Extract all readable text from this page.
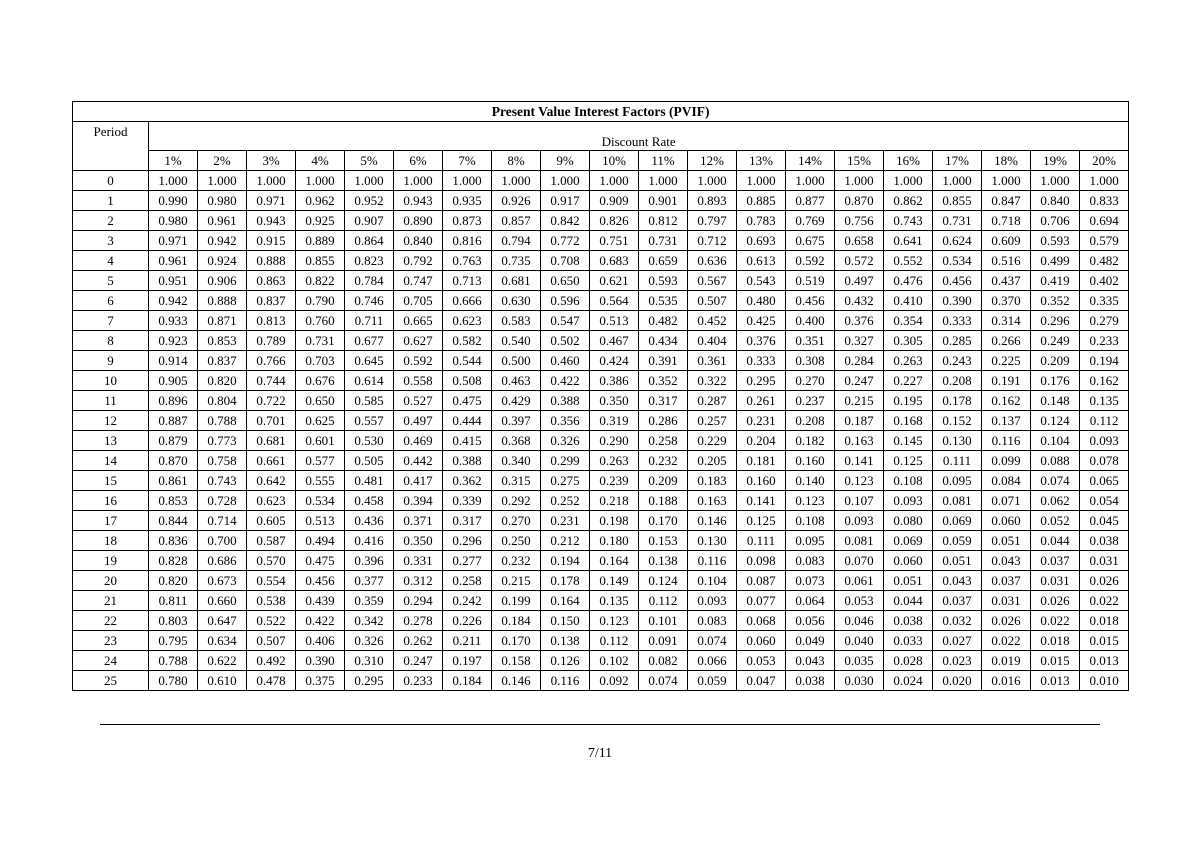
Present Value Interest Factors (PVIF)																				
Period	Discount Rate																			
	1%	2%	3%	4%	5%	6%	7%	8%	9%	10%	11%	12%	13%	14%	15%	16%	17%	18%	19%	20%
0	1.000	1.000	1.000	1.000	1.000	1.000	1.000	1.000	1.000	1.000	1.000	1.000	1.000	1.000	1.000	1.000	1.000	1.000	1.000	1.000
1	0.990	0.980	0.971	0.962	0.952	0.943	0.935	0.926	0.917	0.909	0.901	0.893	0.885	0.877	0.870	0.862	0.855	0.847	0.840	0.833
2	0.980	0.961	0.943	0.925	0.907	0.890	0.873	0.857	0.842	0.826	0.812	0.797	0.783	0.769	0.756	0.743	0.731	0.718	0.706	0.694
3	0.971	0.942	0.915	0.889	0.864	0.840	0.816	0.794	0.772	0.751	0.731	0.712	0.693	0.675	0.658	0.641	0.624	0.609	0.593	0.579
4	0.961	0.924	0.888	0.855	0.823	0.792	0.763	0.735	0.708	0.683	0.659	0.636	0.613	0.592	0.572	0.552	0.534	0.516	0.499	0.482
5	0.951	0.906	0.863	0.822	0.784	0.747	0.713	0.681	0.650	0.621	0.593	0.567	0.543	0.519	0.497	0.476	0.456	0.437	0.419	0.402
6	0.942	0.888	0.837	0.790	0.746	0.705	0.666	0.630	0.596	0.564	0.535	0.507	0.480	0.456	0.432	0.410	0.390	0.370	0.352	0.335
7	0.933	0.871	0.813	0.760	0.711	0.665	0.623	0.583	0.547	0.513	0.482	0.452	0.425	0.400	0.376	0.354	0.333	0.314	0.296	0.279
8	0.923	0.853	0.789	0.731	0.677	0.627	0.582	0.540	0.502	0.467	0.434	0.404	0.376	0.351	0.327	0.305	0.285	0.266	0.249	0.233
9	0.914	0.837	0.766	0.703	0.645	0.592	0.544	0.500	0.460	0.424	0.391	0.361	0.333	0.308	0.284	0.263	0.243	0.225	0.209	0.194
10	0.905	0.820	0.744	0.676	0.614	0.558	0.508	0.463	0.422	0.386	0.352	0.322	0.295	0.270	0.247	0.227	0.208	0.191	0.176	0.162
11	0.896	0.804	0.722	0.650	0.585	0.527	0.475	0.429	0.388	0.350	0.317	0.287	0.261	0.237	0.215	0.195	0.178	0.162	0.148	0.135
12	0.887	0.788	0.701	0.625	0.557	0.497	0.444	0.397	0.356	0.319	0.286	0.257	0.231	0.208	0.187	0.168	0.152	0.137	0.124	0.112
13	0.879	0.773	0.681	0.601	0.530	0.469	0.415	0.368	0.326	0.290	0.258	0.229	0.204	0.182	0.163	0.145	0.130	0.116	0.104	0.093
14	0.870	0.758	0.661	0.577	0.505	0.442	0.388	0.340	0.299	0.263	0.232	0.205	0.181	0.160	0.141	0.125	0.111	0.099	0.088	0.078
15	0.861	0.743	0.642	0.555	0.481	0.417	0.362	0.315	0.275	0.239	0.209	0.183	0.160	0.140	0.123	0.108	0.095	0.084	0.074	0.065
16	0.853	0.728	0.623	0.534	0.458	0.394	0.339	0.292	0.252	0.218	0.188	0.163	0.141	0.123	0.107	0.093	0.081	0.071	0.062	0.054
17	0.844	0.714	0.605	0.513	0.436	0.371	0.317	0.270	0.231	0.198	0.170	0.146	0.125	0.108	0.093	0.080	0.069	0.060	0.052	0.045
18	0.836	0.700	0.587	0.494	0.416	0.350	0.296	0.250	0.212	0.180	0.153	0.130	0.111	0.095	0.081	0.069	0.059	0.051	0.044	0.038
19	0.828	0.686	0.570	0.475	0.396	0.331	0.277	0.232	0.194	0.164	0.138	0.116	0.098	0.083	0.070	0.060	0.051	0.043	0.037	0.031
20	0.820	0.673	0.554	0.456	0.377	0.312	0.258	0.215	0.178	0.149	0.124	0.104	0.087	0.073	0.061	0.051	0.043	0.037	0.031	0.026
21	0.811	0.660	0.538	0.439	0.359	0.294	0.242	0.199	0.164	0.135	0.112	0.093	0.077	0.064	0.053	0.044	0.037	0.031	0.026	0.022
22	0.803	0.647	0.522	0.422	0.342	0.278	0.226	0.184	0.150	0.123	0.101	0.083	0.068	0.056	0.046	0.038	0.032	0.026	0.022	0.018
23	0.795	0.634	0.507	0.406	0.326	0.262	0.211	0.170	0.138	0.112	0.091	0.074	0.060	0.049	0.040	0.033	0.027	0.022	0.018	0.015
24	0.788	0.622	0.492	0.390	0.310	0.247	0.197	0.158	0.126	0.102	0.082	0.066	0.053	0.043	0.035	0.028	0.023	0.019	0.015	0.013
25	0.780	0.610	0.478	0.375	0.295	0.233	0.184	0.146	0.116	0.092	0.074	0.059	0.047	0.038	0.030	0.024	0.020	0.016	0.013	0.010
7/11
